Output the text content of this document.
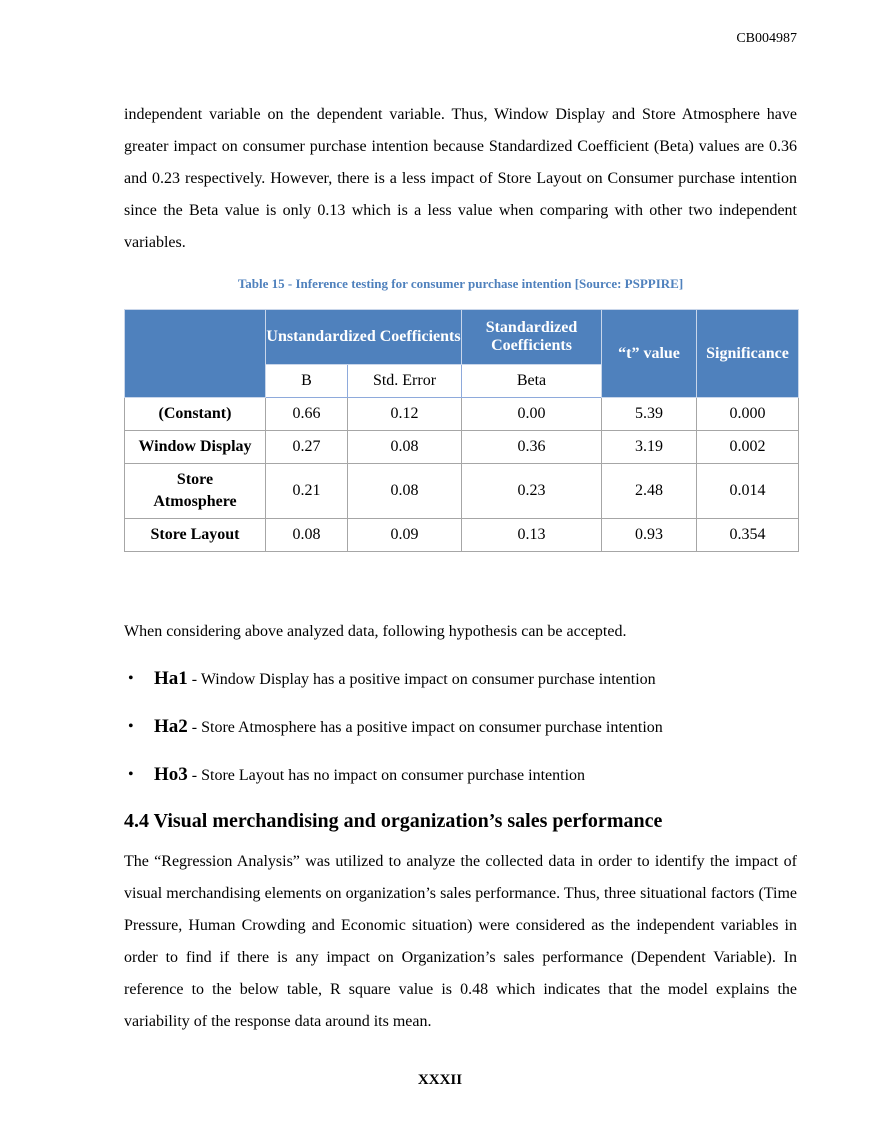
CB004987

independent variable on the dependent variable. Thus, Window Display and Store Atmosphere have greater impact on consumer purchase intention because Standardized Coefficient (Beta) values are 0.36 and 0.23 respectively. However, there is a less impact of Store Layout on Consumer purchase intention since the Beta value is only 0.13 which is a less value when comparing with other two independent variables.

Table 15 - Inference testing for consumer purchase intention [Source: PSPPIRE]
	Unstandardized Coefficients		Standardized Coefficients	“t” value	Significance
	B	Std. Error	Beta		
(Constant)	0.66	0.12	0.00	5.39	0.000
Window Display	0.27	0.08	0.36	3.19	0.002
Store Atmosphere	0.21	0.08	0.23	2.48	0.014
Store Layout	0.08	0.09	0.13	0.93	0.354
When considering above analyzed data, following hypothesis can be accepted.
• Ha1 - Window Display has a positive impact on consumer purchase intention
• Ha2 - Store Atmosphere has a positive impact on consumer purchase intention
• Ho3 - Store Layout has no impact on consumer purchase intention
4.4 Visual merchandising and organization’s sales performance

The “Regression Analysis” was utilized to analyze the collected data in order to identify the impact of visual merchandising elements on organization’s sales performance. Thus, three situational factors (Time Pressure, Human Crowding and Economic situation) were considered as the independent variables in order to find if there is any impact on Organization’s sales performance (Dependent Variable). In reference to the below table, R square value is 0.48 which indicates that the model explains the variability of the response data around its mean.

XXXII
